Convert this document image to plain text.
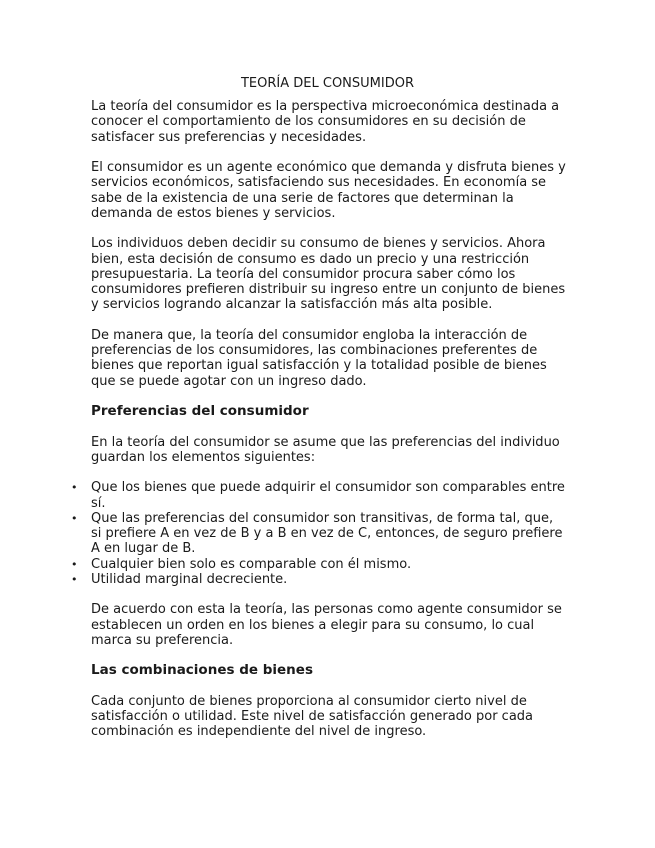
TEORÍA DEL CONSUMIDOR

La teoría del consumidor es la perspectiva microeconómica destinada a conocer el comportamiento de los consumidores en su decisión de satisfacer sus preferencias y necesidades.

El consumidor es un agente económico que demanda y disfruta bienes y servicios económicos, satisfaciendo sus necesidades. En economía se sabe de la existencia de una serie de factores que determinan la demanda de estos bienes y servicios.

Los individuos deben decidir su consumo de bienes y servicios. Ahora bien, esta decisión de consumo es dado un precio y una restricción presupuestaria. La teoría del consumidor procura saber cómo los consumidores prefieren distribuir su ingreso entre un conjunto de bienes y servicios logrando alcanzar la satisfacción más alta posible.

De manera que, la teoría del consumidor engloba la interacción de preferencias de los consumidores, las combinaciones preferentes de bienes que reportan igual satisfacción y la totalidad posible de bienes que se puede agotar con un ingreso dado.

Preferencias del consumidor

En la teoría del consumidor se asume que las preferencias del individuo guardan los elementos siguientes:

• Que los bienes que puede adquirir el consumidor son comparables entre sí.
• Que las preferencias del consumidor son transitivas, de forma tal, que, si prefiere A en vez de B y a B en vez de C, entonces, de seguro prefiere A en lugar de B.
• Cualquier bien solo es comparable con él mismo.
• Utilidad marginal decreciente.

De acuerdo con esta la teoría, las personas como agente consumidor se establecen un orden en los bienes a elegir para su consumo, lo cual marca su preferencia.

Las combinaciones de bienes

Cada conjunto de bienes proporciona al consumidor cierto nivel de satisfacción o utilidad. Este nivel de satisfacción generado por cada combinación es independiente del nivel de ingreso.
